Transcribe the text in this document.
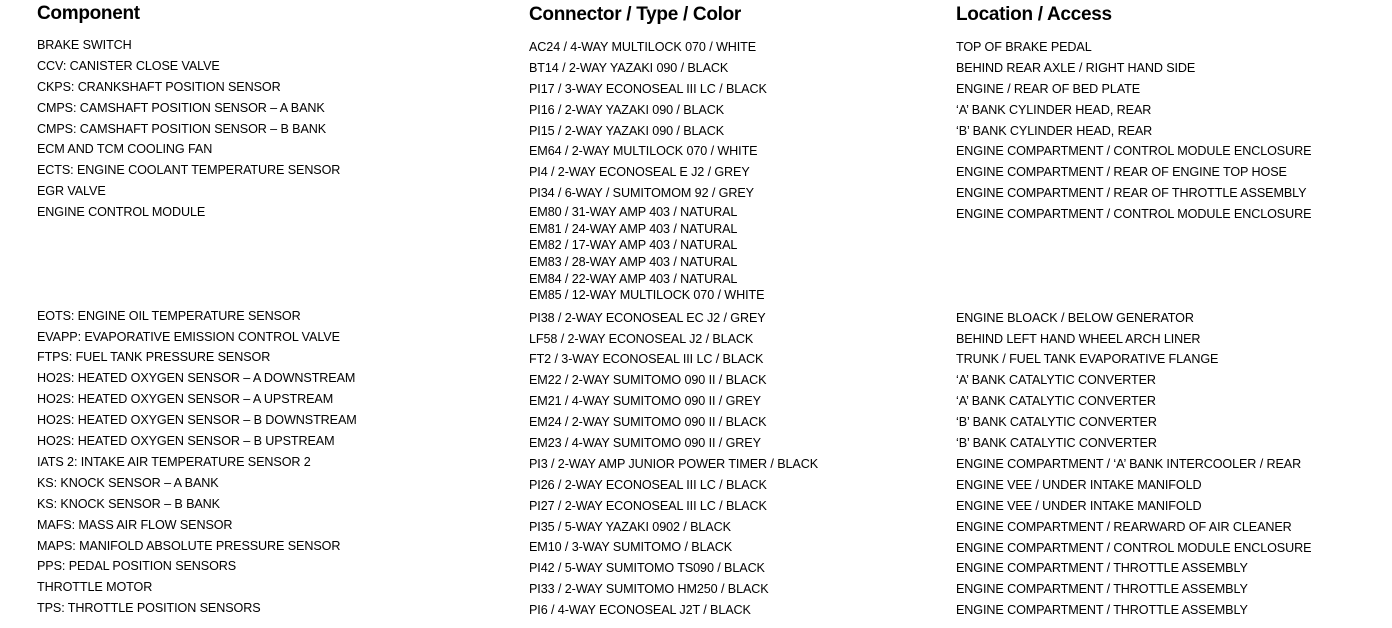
Component
BRAKE SWITCH
CCV: CANISTER CLOSE VALVE
CKPS: CRANKSHAFT POSITION SENSOR
CMPS: CAMSHAFT POSITION SENSOR – A BANK
CMPS: CAMSHAFT POSITION SENSOR – B BANK
ECM AND TCM COOLING FAN
ECTS: ENGINE COOLANT TEMPERATURE SENSOR
EGR VALVE
ENGINE CONTROL MODULE
EOTS: ENGINE OIL TEMPERATURE SENSOR
EVAPP: EVAPORATIVE EMISSION CONTROL VALVE
FTPS: FUEL TANK PRESSURE SENSOR
HO2S: HEATED OXYGEN SENSOR – A DOWNSTREAM
HO2S: HEATED OXYGEN SENSOR – A UPSTREAM
HO2S: HEATED OXYGEN SENSOR – B DOWNSTREAM
HO2S: HEATED OXYGEN SENSOR – B UPSTREAM
IATS 2: INTAKE AIR TEMPERATURE SENSOR 2
KS: KNOCK SENSOR – A BANK
KS: KNOCK SENSOR – B BANK
MAFS: MASS AIR FLOW SENSOR
MAPS: MANIFOLD ABSOLUTE PRESSURE SENSOR
PPS: PEDAL POSITION SENSORS
THROTTLE MOTOR
TPS: THROTTLE POSITION SENSORS
Connector / Type / Color
AC24 / 4-WAY MULTILOCK 070 / WHITE
BT14 / 2-WAY YAZAKI 090 / BLACK
PI17 / 3-WAY ECONOSEAL III LC / BLACK
PI16 / 2-WAY YAZAKI 090 / BLACK
PI15 / 2-WAY YAZAKI 090 / BLACK
EM64 / 2-WAY MULTILOCK 070 / WHITE
PI4 / 2-WAY ECONOSEAL E J2 / GREY
PI34 / 6-WAY / SUMITOMOM 92 / GREY
EM80 / 31-WAY AMP 403 / NATURAL
EM81 / 24-WAY AMP 403 / NATURAL
EM82 / 17-WAY AMP 403 / NATURAL
EM83 / 28-WAY AMP 403 / NATURAL
EM84 / 22-WAY AMP 403 / NATURAL
EM85 / 12-WAY MULTILOCK 070 / WHITE
PI38 / 2-WAY ECONOSEAL EC J2 / GREY
LF58 / 2-WAY ECONOSEAL J2 / BLACK
FT2 / 3-WAY ECONOSEAL III LC / BLACK
EM22 / 2-WAY SUMITOMO 090 II / BLACK
EM21 / 4-WAY SUMITOMO 090 II / GREY
EM24 / 2-WAY SUMITOMO 090 II / BLACK
EM23 / 4-WAY SUMITOMO 090 II / GREY
PI3 / 2-WAY AMP JUNIOR POWER TIMER / BLACK
PI26 / 2-WAY ECONOSEAL III LC / BLACK
PI27 / 2-WAY ECONOSEAL III LC / BLACK
PI35 / 5-WAY YAZAKI 0902 / BLACK
EM10 / 3-WAY SUMITOMO / BLACK
PI42 / 5-WAY SUMITOMO TS090 / BLACK
PI33 / 2-WAY SUMITOMO HM250 / BLACK
PI6 / 4-WAY ECONOSEAL J2T / BLACK
Location / Access
TOP OF BRAKE PEDAL
BEHIND REAR AXLE / RIGHT HAND SIDE
ENGINE / REAR OF BED PLATE
‘A’ BANK CYLINDER HEAD, REAR
‘B’ BANK CYLINDER HEAD, REAR
ENGINE COMPARTMENT / CONTROL MODULE ENCLOSURE
ENGINE COMPARTMENT / REAR OF ENGINE TOP HOSE
ENGINE COMPARTMENT / REAR OF THROTTLE ASSEMBLY
ENGINE COMPARTMENT / CONTROL MODULE ENCLOSURE
ENGINE BLOACK / BELOW GENERATOR
BEHIND LEFT HAND WHEEL ARCH LINER
TRUNK / FUEL TANK EVAPORATIVE FLANGE
‘A’ BANK CATALYTIC CONVERTER
‘A’ BANK CATALYTIC CONVERTER
‘B’ BANK CATALYTIC CONVERTER
‘B’ BANK CATALYTIC CONVERTER
ENGINE COMPARTMENT / ‘A’ BANK INTERCOOLER / REAR
ENGINE VEE / UNDER INTAKE MANIFOLD
ENGINE VEE / UNDER INTAKE MANIFOLD
ENGINE COMPARTMENT / REARWARD OF AIR CLEANER
ENGINE COMPARTMENT / CONTROL MODULE ENCLOSURE
ENGINE COMPARTMENT / THROTTLE ASSEMBLY
ENGINE COMPARTMENT / THROTTLE ASSEMBLY
ENGINE COMPARTMENT / THROTTLE ASSEMBLY
